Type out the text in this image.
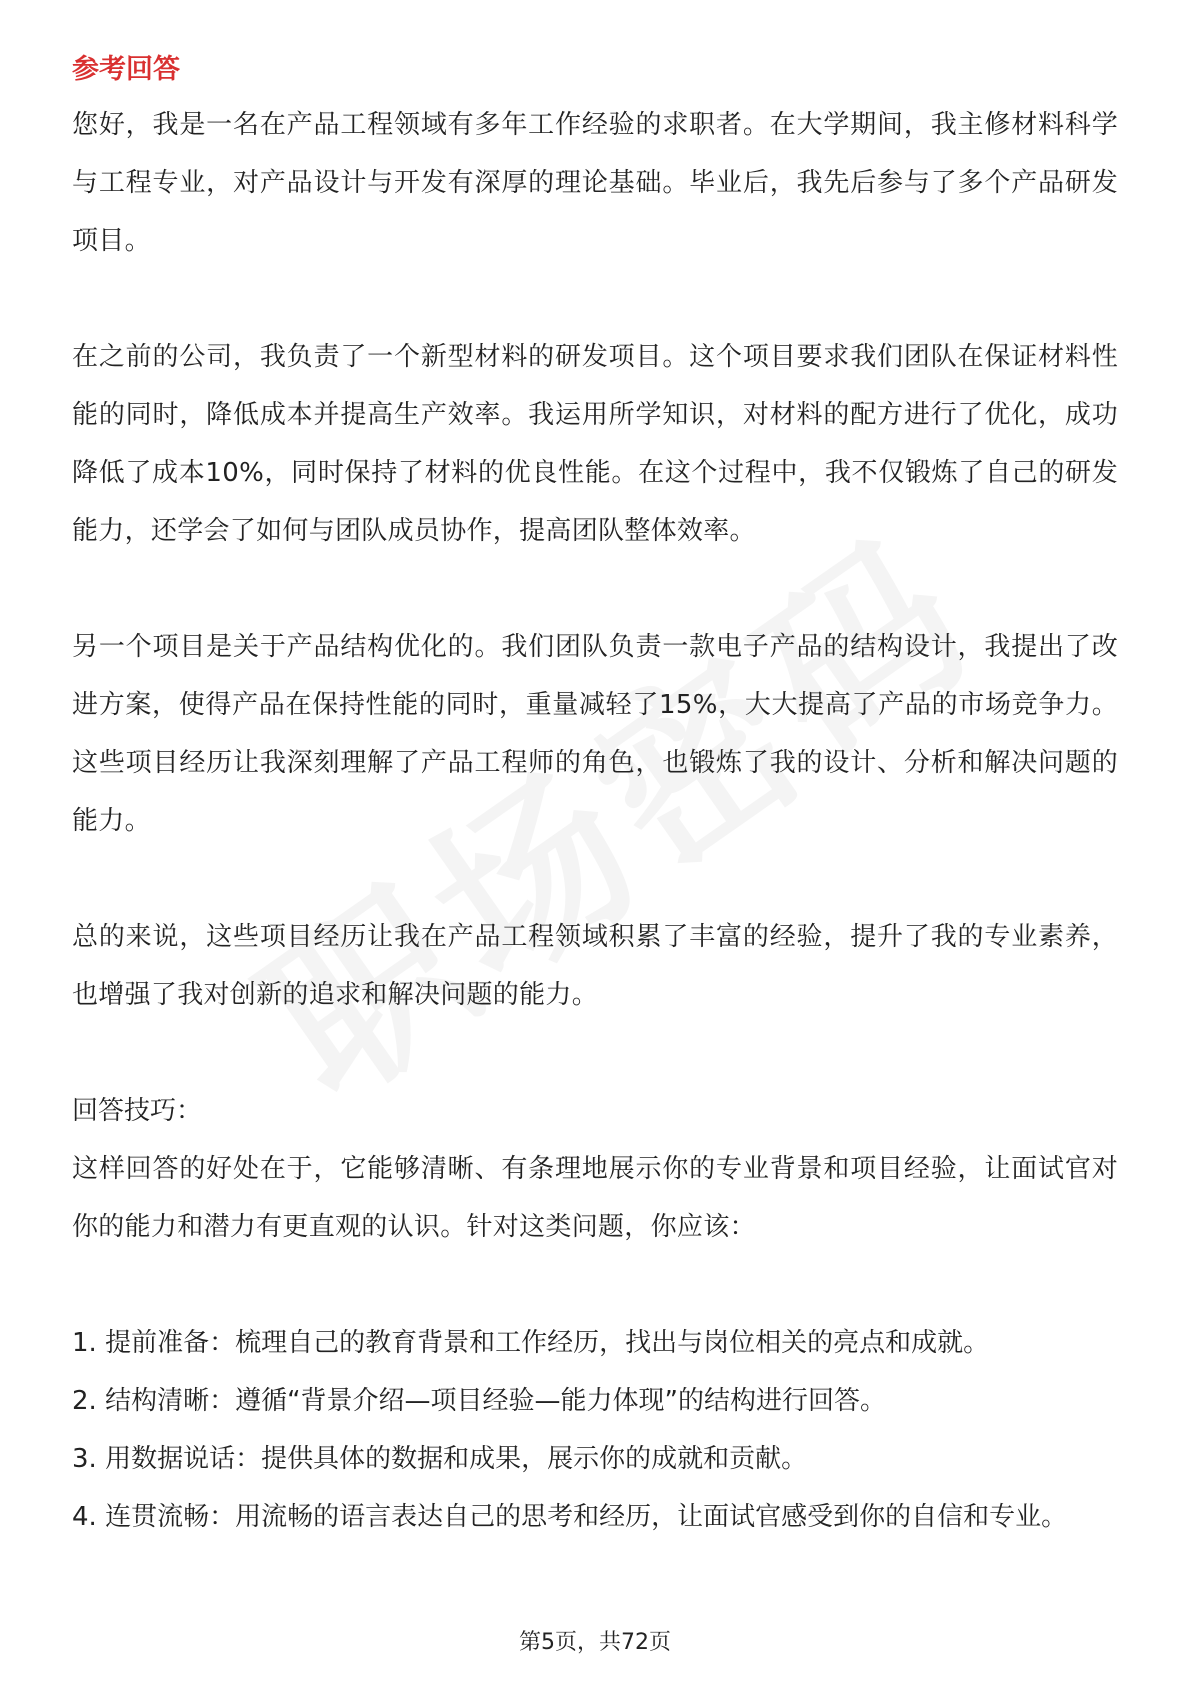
参考回答

您好，我是一名在产品工程领域有多年工作经验的求职者。在大学期间，我主修材料科学与工程专业，对产品设计与开发有深厚的理论基础。毕业后，我先后参与了多个产品研发项目。

在之前的公司，我负责了一个新型材料的研发项目。这个项目要求我们团队在保证材料性能的同时，降低成本并提高生产效率。我运用所学知识，对材料的配方进行了优化，成功降低了成本10%，同时保持了材料的优良性能。在这个过程中，我不仅锻炼了自己的研发能力，还学会了如何与团队成员协作，提高团队整体效率。

另一个项目是关于产品结构优化的。我们团队负责一款电子产品的结构设计，我提出了改进方案，使得产品在保持性能的同时，重量减轻了15%，大大提高了产品的市场竞争力。这些项目经历让我深刻理解了产品工程师的角色，也锻炼了我的设计、分析和解决问题的能力。

总的来说，这些项目经历让我在产品工程领域积累了丰富的经验，提升了我的专业素养，也增强了我对创新的追求和解决问题的能力。

回答技巧：

这样回答的好处在于，它能够清晰、有条理地展示你的专业背景和项目经验，让面试官对你的能力和潜力有更直观的认识。针对这类问题，你应该：

1. 提前准备：梳理自己的教育背景和工作经历，找出与岗位相关的亮点和成就。
2. 结构清晰：遵循“背景介绍—项目经验—能力体现”的结构进行回答。
3. 用数据说话：提供具体的数据和成果，展示你的成就和贡献。
4. 连贯流畅：用流畅的语言表达自己的思考和经历，让面试官感受到你的自信和专业。
第5页，共72页
